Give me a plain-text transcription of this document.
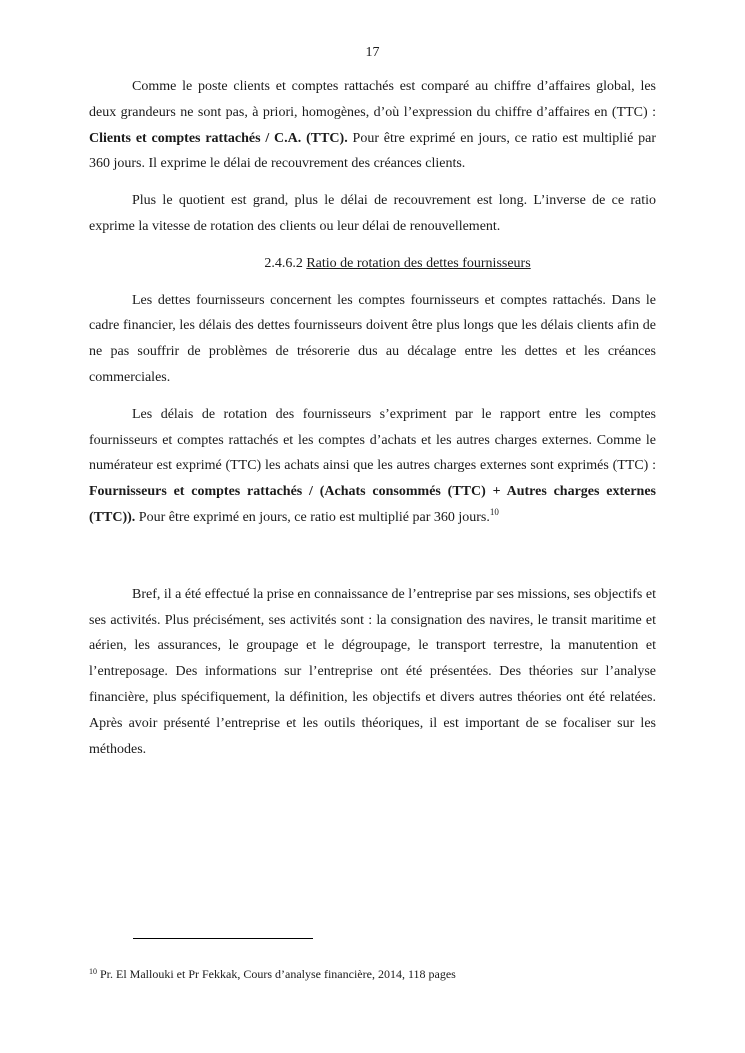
17

Comme le poste clients et comptes rattachés est comparé au chiffre d’affaires global, les deux grandeurs ne sont pas, à priori, homogènes, d’où l’expression du chiffre d’affaires en (TTC) : Clients et comptes rattachés / C.A. (TTC). Pour être exprimé en jours, ce ratio est multiplié par 360 jours. Il exprime le délai de recouvrement des créances clients.

Plus le quotient est grand, plus le délai de recouvrement est long. L’inverse de ce ratio exprime la vitesse de rotation des clients ou leur délai de renouvellement.

2.4.6.2 Ratio de rotation des dettes fournisseurs

Les dettes fournisseurs concernent les comptes fournisseurs et comptes rattachés. Dans le cadre financier, les délais des dettes fournisseurs doivent être plus longs que les délais clients afin de ne pas souffrir de problèmes de trésorerie dus au décalage entre les dettes et les créances commerciales.

Les délais de rotation des fournisseurs s’expriment par le rapport entre les comptes fournisseurs et comptes rattachés et les comptes d’achats et les autres charges externes. Comme le numérateur est exprimé (TTC) les achats ainsi que les autres charges externes sont exprimés (TTC) : Fournisseurs et comptes rattachés / (Achats consommés (TTC) + Autres charges externes (TTC)). Pour être exprimé en jours, ce ratio est multiplié par 360 jours.$^{10}$

Bref, il a été effectué la prise en connaissance de l’entreprise par ses missions, ses objectifs et ses activités. Plus précisément, ses activités sont : la consignation des navires, le transit maritime et aérien, les assurances, le groupage et le dégroupage, le transport terrestre, la manutention et l’entreposage. Des informations sur l’entreprise ont été présentées. Des théories sur l’analyse financière, plus spécifiquement, la définition, les objectifs et divers autres théories ont été relatées. Après avoir présenté l’entreprise et les outils théoriques, il est important de se focaliser sur les méthodes.

$^{10}$ Pr. El Mallouki et Pr Fekkak, Cours d’analyse financière, 2014, 118 pages
